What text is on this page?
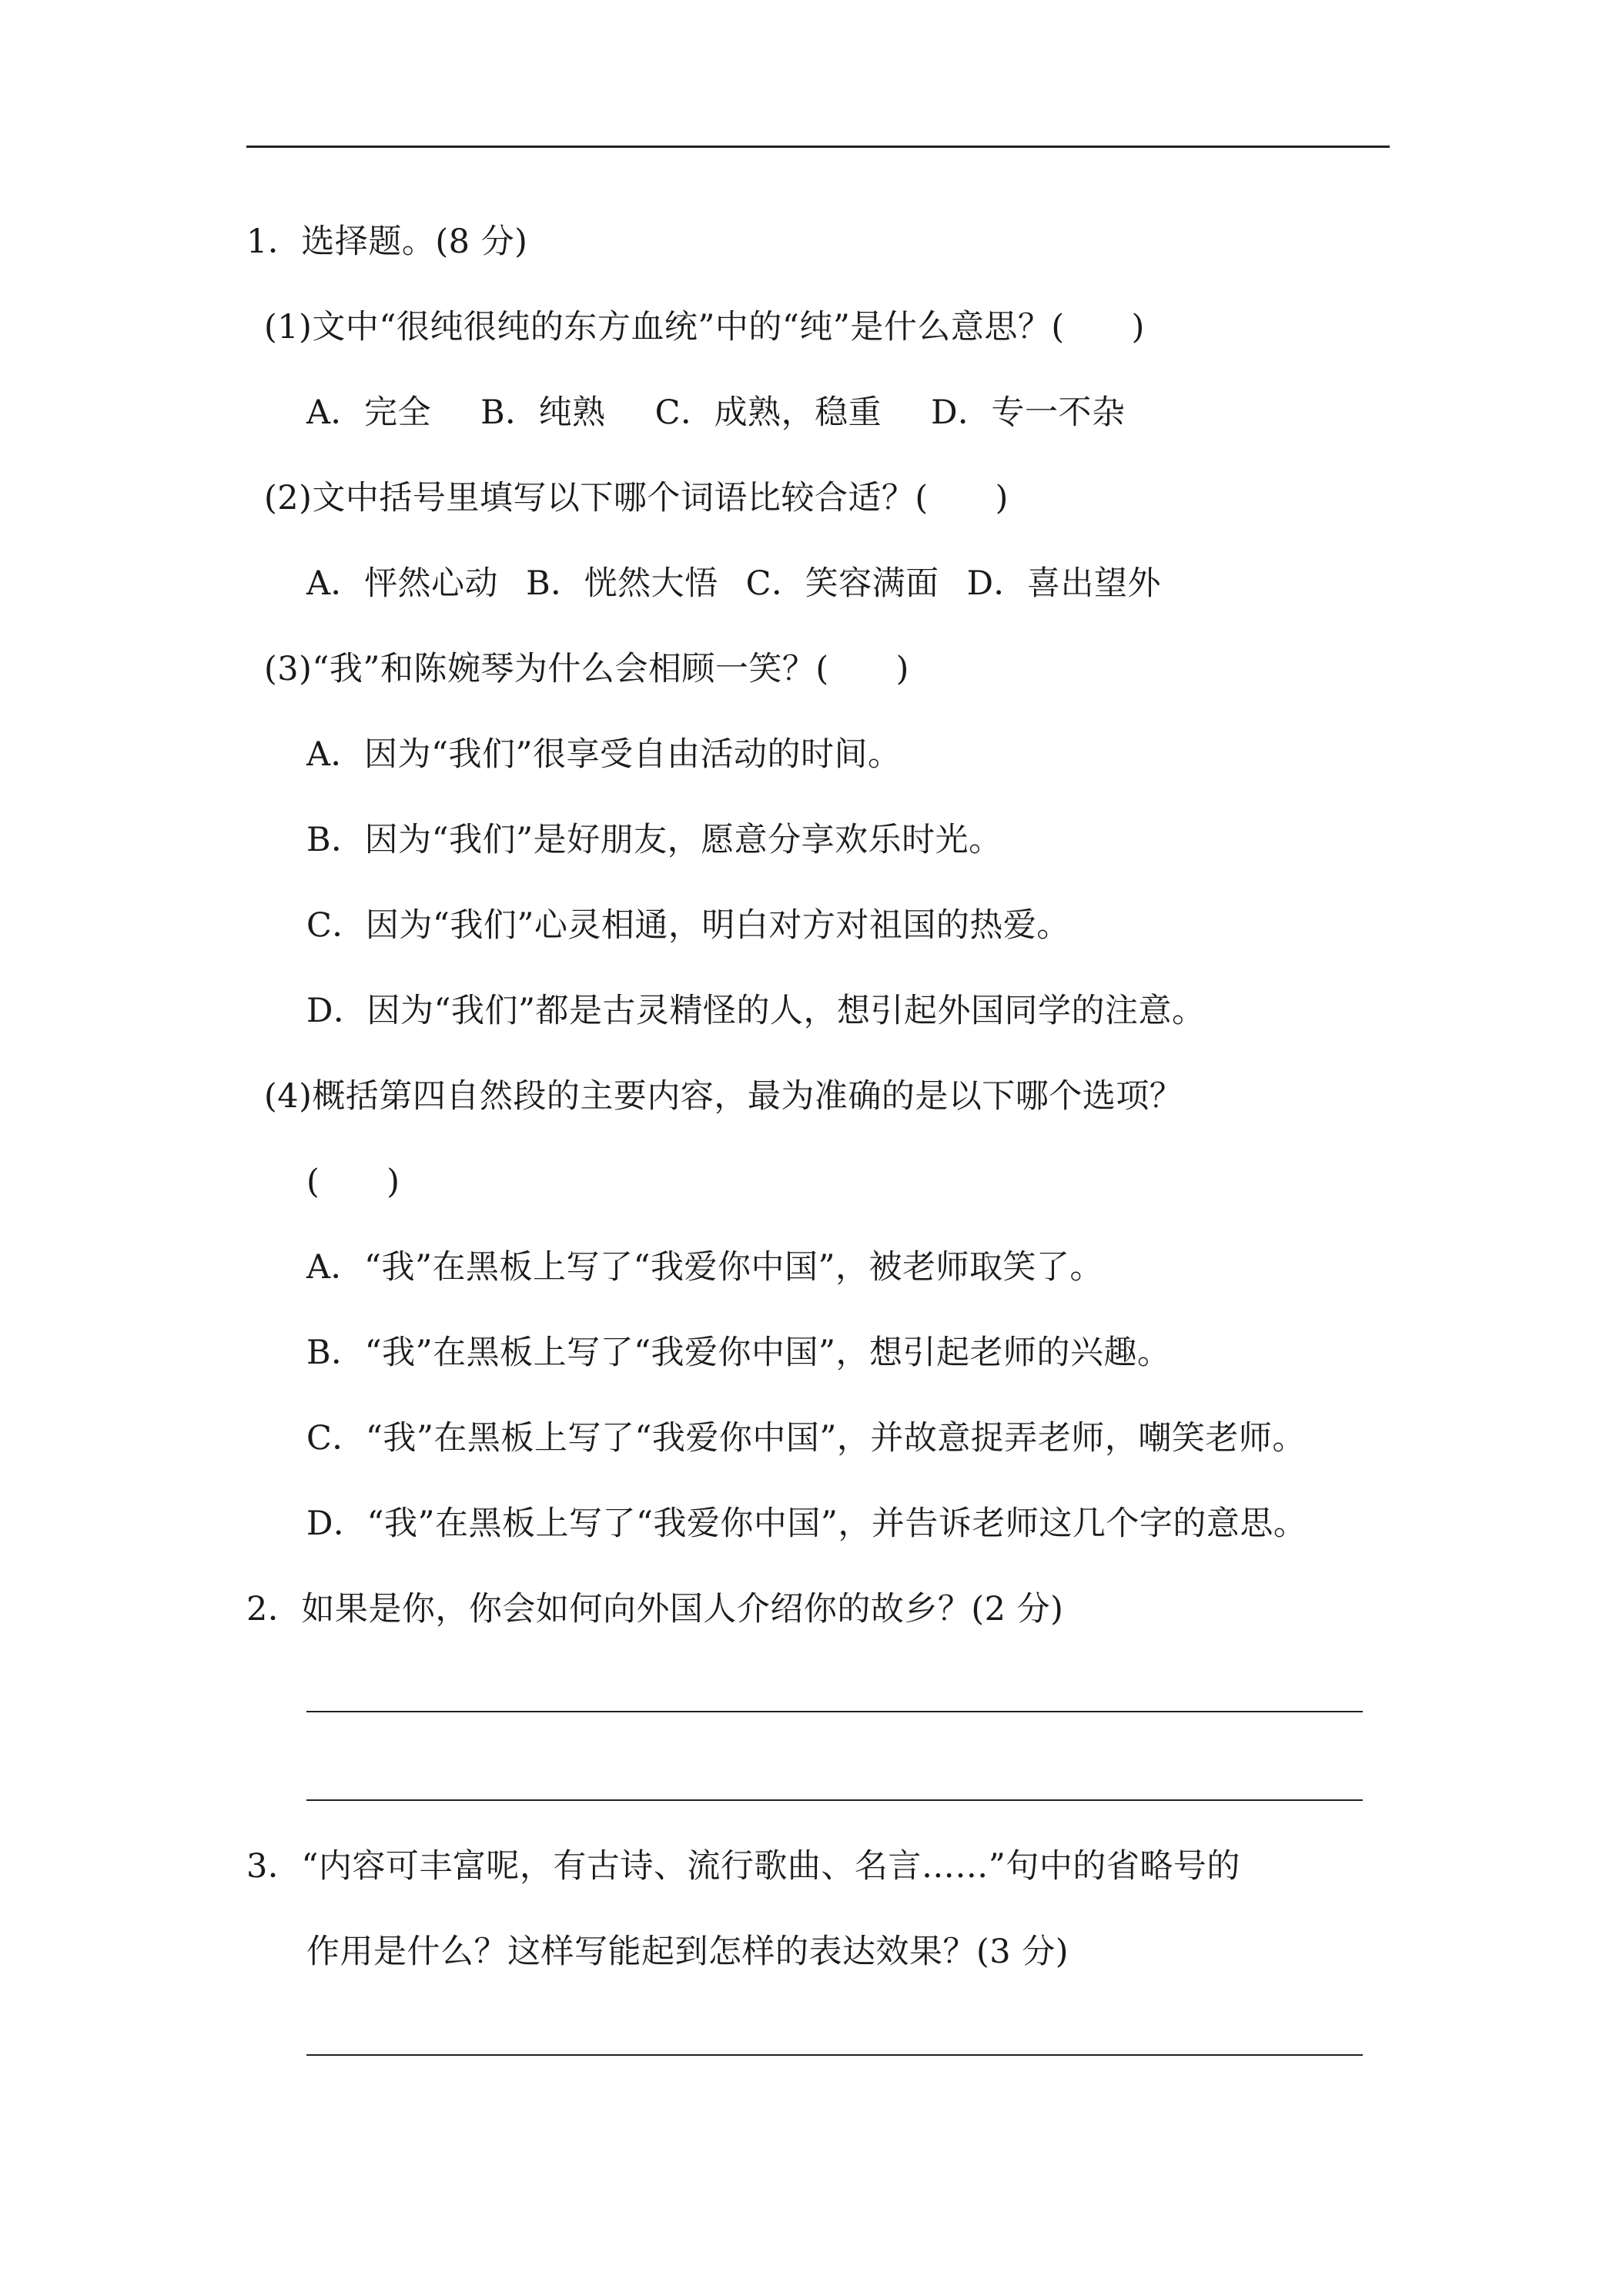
1．选择题。(8 分)
(1)文中“很纯很纯的东方血统”中的“纯”是什么意思？(　　)
A．完全 B．纯熟 C．成熟，稳重 D．专一不杂
(2)文中括号里填写以下哪个词语比较合适？(　　)
A．怦然心动 B．恍然大悟 C．笑容满面 D．喜出望外
(3)“我”和陈婉琴为什么会相顾一笑？(　　)
A．因为“我们”很享受自由活动的时间。
B．因为“我们”是好朋友，愿意分享欢乐时光。
C．因为“我们”心灵相通，明白对方对祖国的热爱。
D．因为“我们”都是古灵精怪的人，想引起外国同学的注意。
(4)概括第四自然段的主要内容，最为准确的是以下哪个选项？
(　　)
A．“我”在黑板上写了“我爱你中国”，被老师取笑了。
B．“我”在黑板上写了“我爱你中国”，想引起老师的兴趣。
C．“我”在黑板上写了“我爱你中国”，并故意捉弄老师，嘲笑老师。
D．“我”在黑板上写了“我爱你中国”，并告诉老师这几个字的意思。
2．如果是你，你会如何向外国人介绍你的故乡？(2 分)
3．“内容可丰富呢，有古诗、流行歌曲、名言……”句中的省略号的
作用是什么？这样写能起到怎样的表达效果？(3 分)
